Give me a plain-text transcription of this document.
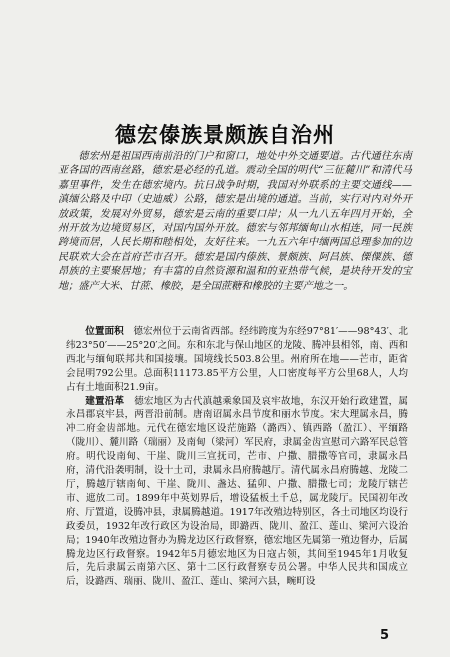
德宏傣族景颇族自治州

德宏州是祖国西南前沿的门户和窗口，地处中外交通要道。古代通往东南亚各国的西南丝路，德宏是必经的孔道。震动全国的明代“三征麓川”和清代马嘉里事件，发生在德宏境内。抗日战争时期，我国对外联系的主要交通线——滇缅公路及中印（史迪威）公路，德宏是出境的通道。当前，实行对内对外开放政策，发展对外贸易，德宏是云南的重要口岸；从一九八五年四月开始，全州开放为边境贸易区，对国内国外开放。德宏与邻邦缅甸山水相连，同一民族跨境而居，人民长期和睦相处，友好往来。一九五六年中缅两国总理参加的边民联欢大会在首府芒市召开。德宏是国内傣族、景颇族、阿昌族、傈僳族、德昂族的主要聚居地；有丰富的自然资源和温和的亚热带气候，是块待开发的宝地；盛产大米、甘蔗、橡胶，是全国蔗糖和橡胶的主要产地之一。

位置面积　 德宏州位于云南省西部。经纬跨度为东经97°81′——98°43′、北纬23°50′——25°20′之间。东和东北与保山地区的龙陵、腾冲县相邻，南、西和西北与缅甸联邦共和国接壤。国境线长503.8公里。州府所在地——芒市，距省会昆明792公里。总面积11173.85平方公里，人口密度每平方公里68人，人均占有土地面积21.9亩。

建置沿革　 德宏地区为古代滇越乘象国及哀牢故地，东汉开始行政建置，属永昌郡哀牢县，两晋沿前制。唐南诏属永昌节度和丽水节度。宋大理属永昌，腾冲二府金齿部地。元代在德宏地区设茫施路（潞西）、镇西路（盈江）、平缅路（陇川）、麓川路（瑞丽）及南甸（梁河）军民府，隶属金齿宣慰司六路军民总管府。明代设南甸、干崖、陇川三宣抚司，芒市、户撒、腊撒等官司，隶属永昌府，清代沿袭明制，设十土司，隶属永昌府腾越厅。清代属永昌府腾越、龙陵二厅，腾越厅辖南甸、干崖、陇川、盏达、猛卯、户撒、腊撒七司；龙陵厅辖芒市、遮放二司。1899年中英划界后，增设猛板土千总，属龙陵厅。民国初年改府、厅置道，设腾冲县，隶属腾越道。1917年改殖边特别区，各土司地区均设行政委员，1932年改行政区为设治局，即潞西、陇川、盈江、莲山、梁河六设治局；1940年改殖边督办为腾龙边区行政督察，德宏地区先属第一殖边督办，后属腾龙边区行政督察。1942年5月德宏地区为日寇占领，其间至1945年1月收复后，先后隶属云南第六区、第十二区行政督察专员公署。中华人民共和国成立后，设潞西、瑞丽、陇川、盈江、莲山、梁河六县，畹町设

5
